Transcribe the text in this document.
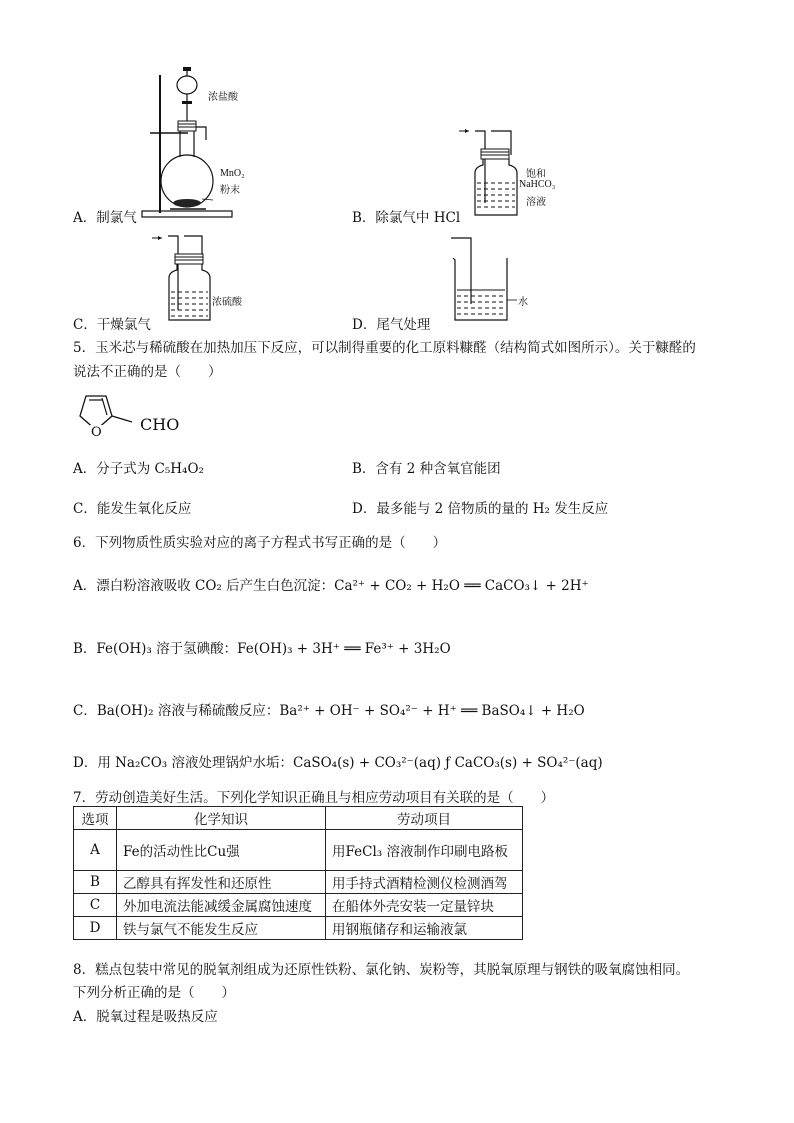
浓盐酸
MnO₂
粉末
A．制氯气
饱和
NaHCO₃
溶液
B．除氯气中 HCl
浓硫酸
C．干燥氯气
水
D．尾气处理
5．玉米芯与稀硫酸在加热加压下反应，可以制得重要的化工原料糠醛（结构简式如图所示）。关于糠醛的
说法不正确的是（　　）
O CHO
A．分子式为 C₅H₄O₂	B．含有 2 种含氧官能团
C．能发生氧化反应	D．最多能与 2 倍物质的量的 H₂ 发生反应
6．下列物质性质实验对应的离子方程式书写正确的是（　　）
A．漂白粉溶液吸收 CO₂ 后产生白色沉淀：Ca²⁺ + CO₂ + H₂O ══ CaCO₃↓ + 2H⁺
B．Fe(OH)₃ 溶于氢碘酸：Fe(OH)₃ + 3H⁺ ══ Fe³⁺ + 3H₂O
C．Ba(OH)₂ 溶液与稀硫酸反应：Ba²⁺ + OH⁻ + SO₄²⁻ + H⁺ ══ BaSO₄↓ + H₂O
D．用 Na₂CO₃ 溶液处理锅炉水垢：CaSO₄(s) + CO₃²⁻(aq) ƒ CaCO₃(s) + SO₄²⁻(aq)
7．劳动创造美好生活。下列化学知识正确且与相应劳动项目有关联的是（　　）
选项	化学知识	劳动项目
A	Fe的活动性比Cu强	用FeCl₃ 溶液制作印刷电路板
B	乙醇具有挥发性和还原性	用手持式酒精检测仪检测酒驾
C	外加电流法能减缓金属腐蚀速度	在船体外壳安装一定量锌块
D	铁与氯气不能发生反应	用钢瓶储存和运输液氯
8．糕点包装中常见的脱氧剂组成为还原性铁粉、氯化钠、炭粉等，其脱氧原理与钢铁的吸氧腐蚀相同。
下列分析正确的是（　　）
A．脱氧过程是吸热反应
